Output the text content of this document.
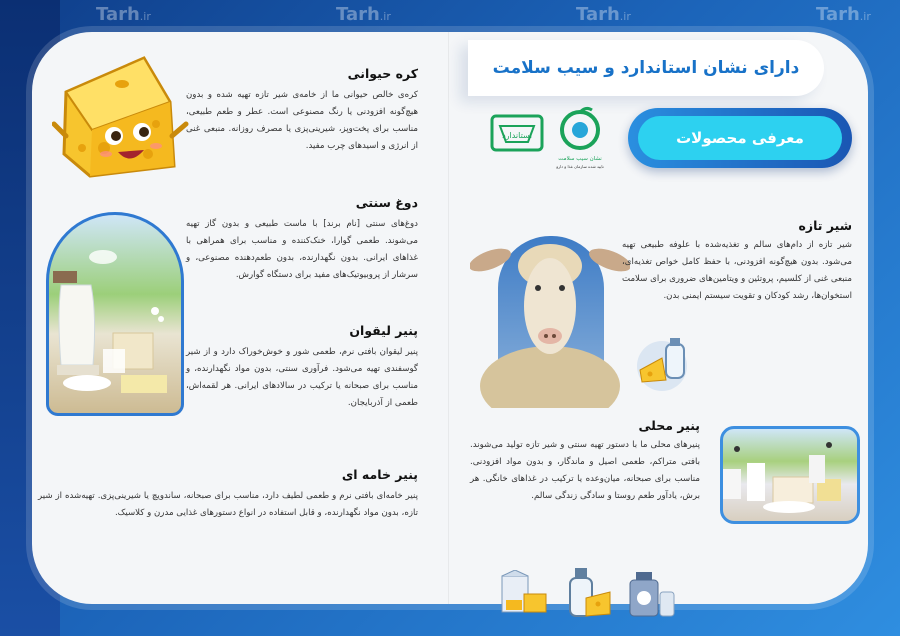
Tarh.ir	Tarh.ir	Tarh.ir	Tarh.ir
کره حیوانی

کره‌ی خالص حیوانی ما از خامه‌ی شیر تازه تهیه شده و بدون هیچ‌گونه افزودنی یا رنگ مصنوعی است. عطر و طعم طبیعی، مناسب برای پخت‌وپز، شیرینی‌پزی یا مصرف روزانه. منبعی غنی از انرژی و اسیدهای چرب مفید.

دوغ سنتی

دوغ‌های سنتی [نام برند] با ماست طبیعی و بدون گاز تهیه می‌شوند. طعمی گوارا، خنک‌کننده و مناسب برای همراهی با غذاهای ایرانی. بدون نگهدارنده، بدون طعم‌دهنده مصنوعی، و سرشار از پروبیوتیک‌های مفید برای دستگاه گوارش.

پنیر لیقوان

پنیر لیقوان بافتی نرم، طعمی شور و خوش‌خوراک دارد و از شیر گوسفندی تهیه می‌شود. فرآوری سنتی، بدون مواد نگهدارنده، و مناسب برای صبحانه یا ترکیب در سالادهای ایرانی. هر لقمه‌اش، طعمی از آذربایجان.

پنیر خامه ای

پنیر خامه‌ای بافتی نرم و طعمی لطیف دارد، مناسب برای صبحانه، ساندویچ یا شیرینی‌پزی. تهیه‌شده از شیر تازه، بدون مواد نگهدارنده، و قابل استفاده در انواع دستورهای غذایی مدرن و کلاسیک.

دارای نشان استاندارد و سیب سلامت
معرفی محصولات
استاندارد
نشان سیب سلامت
تایید شده سازمان غذا و دارو
شیر تازه

شیر تازه از دام‌های سالم و تغذیه‌شده با علوفه طبیعی تهیه می‌شود. بدون هیچ‌گونه افزودنی، با حفظ کامل خواص تغذیه‌ای، منبعی غنی از کلسیم، پروتئین و ویتامین‌های ضروری برای سلامت استخوان‌ها، رشد کودکان و تقویت سیستم ایمنی بدن.

پنیر محلی

پنیرهای محلی ما با دستور تهیه سنتی و شیر تازه تولید می‌شوند. بافتی متراکم، طعمی اصیل و ماندگار، و بدون مواد افزودنی. مناسب برای صبحانه، میان‌وعده یا ترکیب در غذاهای خانگی. هر برش، یادآور طعم روستا و سادگی زندگی سالم.
